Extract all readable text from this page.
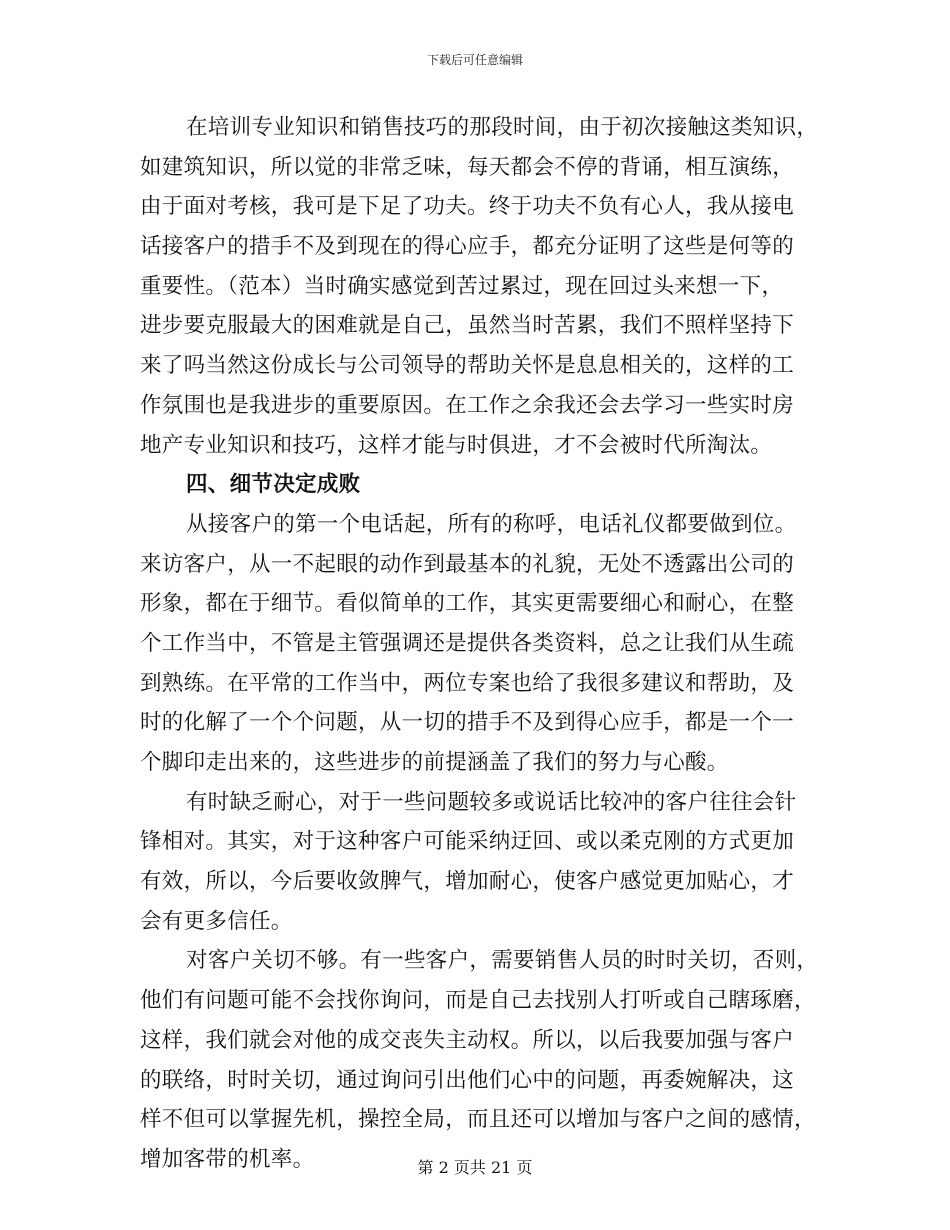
下载后可任意编辑
在培训专业知识和销售技巧的那段时间，由于初次接触这类知识，
如建筑知识，所以觉的非常乏味，每天都会不停的背诵，相互演练，
由于面对考核，我可是下足了功夫。终于功夫不负有心人，我从接电
话接客户的措手不及到现在的得心应手，都充分证明了这些是何等的
重要性。（范本）当时确实感觉到苦过累过，现在回过头来想一下，
进步要克服最大的困难就是自己，虽然当时苦累，我们不照样坚持下
来了吗当然这份成长与公司领导的帮助关怀是息息相关的，这样的工
作氛围也是我进步的重要原因。在工作之余我还会去学习一些实时房
地产专业知识和技巧，这样才能与时俱进，才不会被时代所淘汰。
四、细节决定成败
从接客户的第一个电话起，所有的称呼，电话礼仪都要做到位。
来访客户，从一不起眼的动作到最基本的礼貌，无处不透露出公司的
形象，都在于细节。看似简单的工作，其实更需要细心和耐心，在整
个工作当中，不管是主管强调还是提供各类资料，总之让我们从生疏
到熟练。在平常的工作当中，两位专案也给了我很多建议和帮助，及
时的化解了一个个问题，从一切的措手不及到得心应手，都是一个一
个脚印走出来的，这些进步的前提涵盖了我们的努力与心酸。
有时缺乏耐心，对于一些问题较多或说话比较冲的客户往往会针
锋相对。其实，对于这种客户可能采纳迂回、或以柔克刚的方式更加
有效，所以，今后要收敛脾气，增加耐心，使客户感觉更加贴心，才
会有更多信任。
对客户关切不够。有一些客户，需要销售人员的时时关切，否则，
他们有问题可能不会找你询问，而是自己去找别人打听或自己瞎琢磨，
这样，我们就会对他的成交丧失主动权。所以，以后我要加强与客户
的联络，时时关切，通过询问引出他们心中的问题，再委婉解决，这
样不但可以掌握先机，操控全局，而且还可以增加与客户之间的感情，
增加客带的机率。	第 2 页共 21 页
